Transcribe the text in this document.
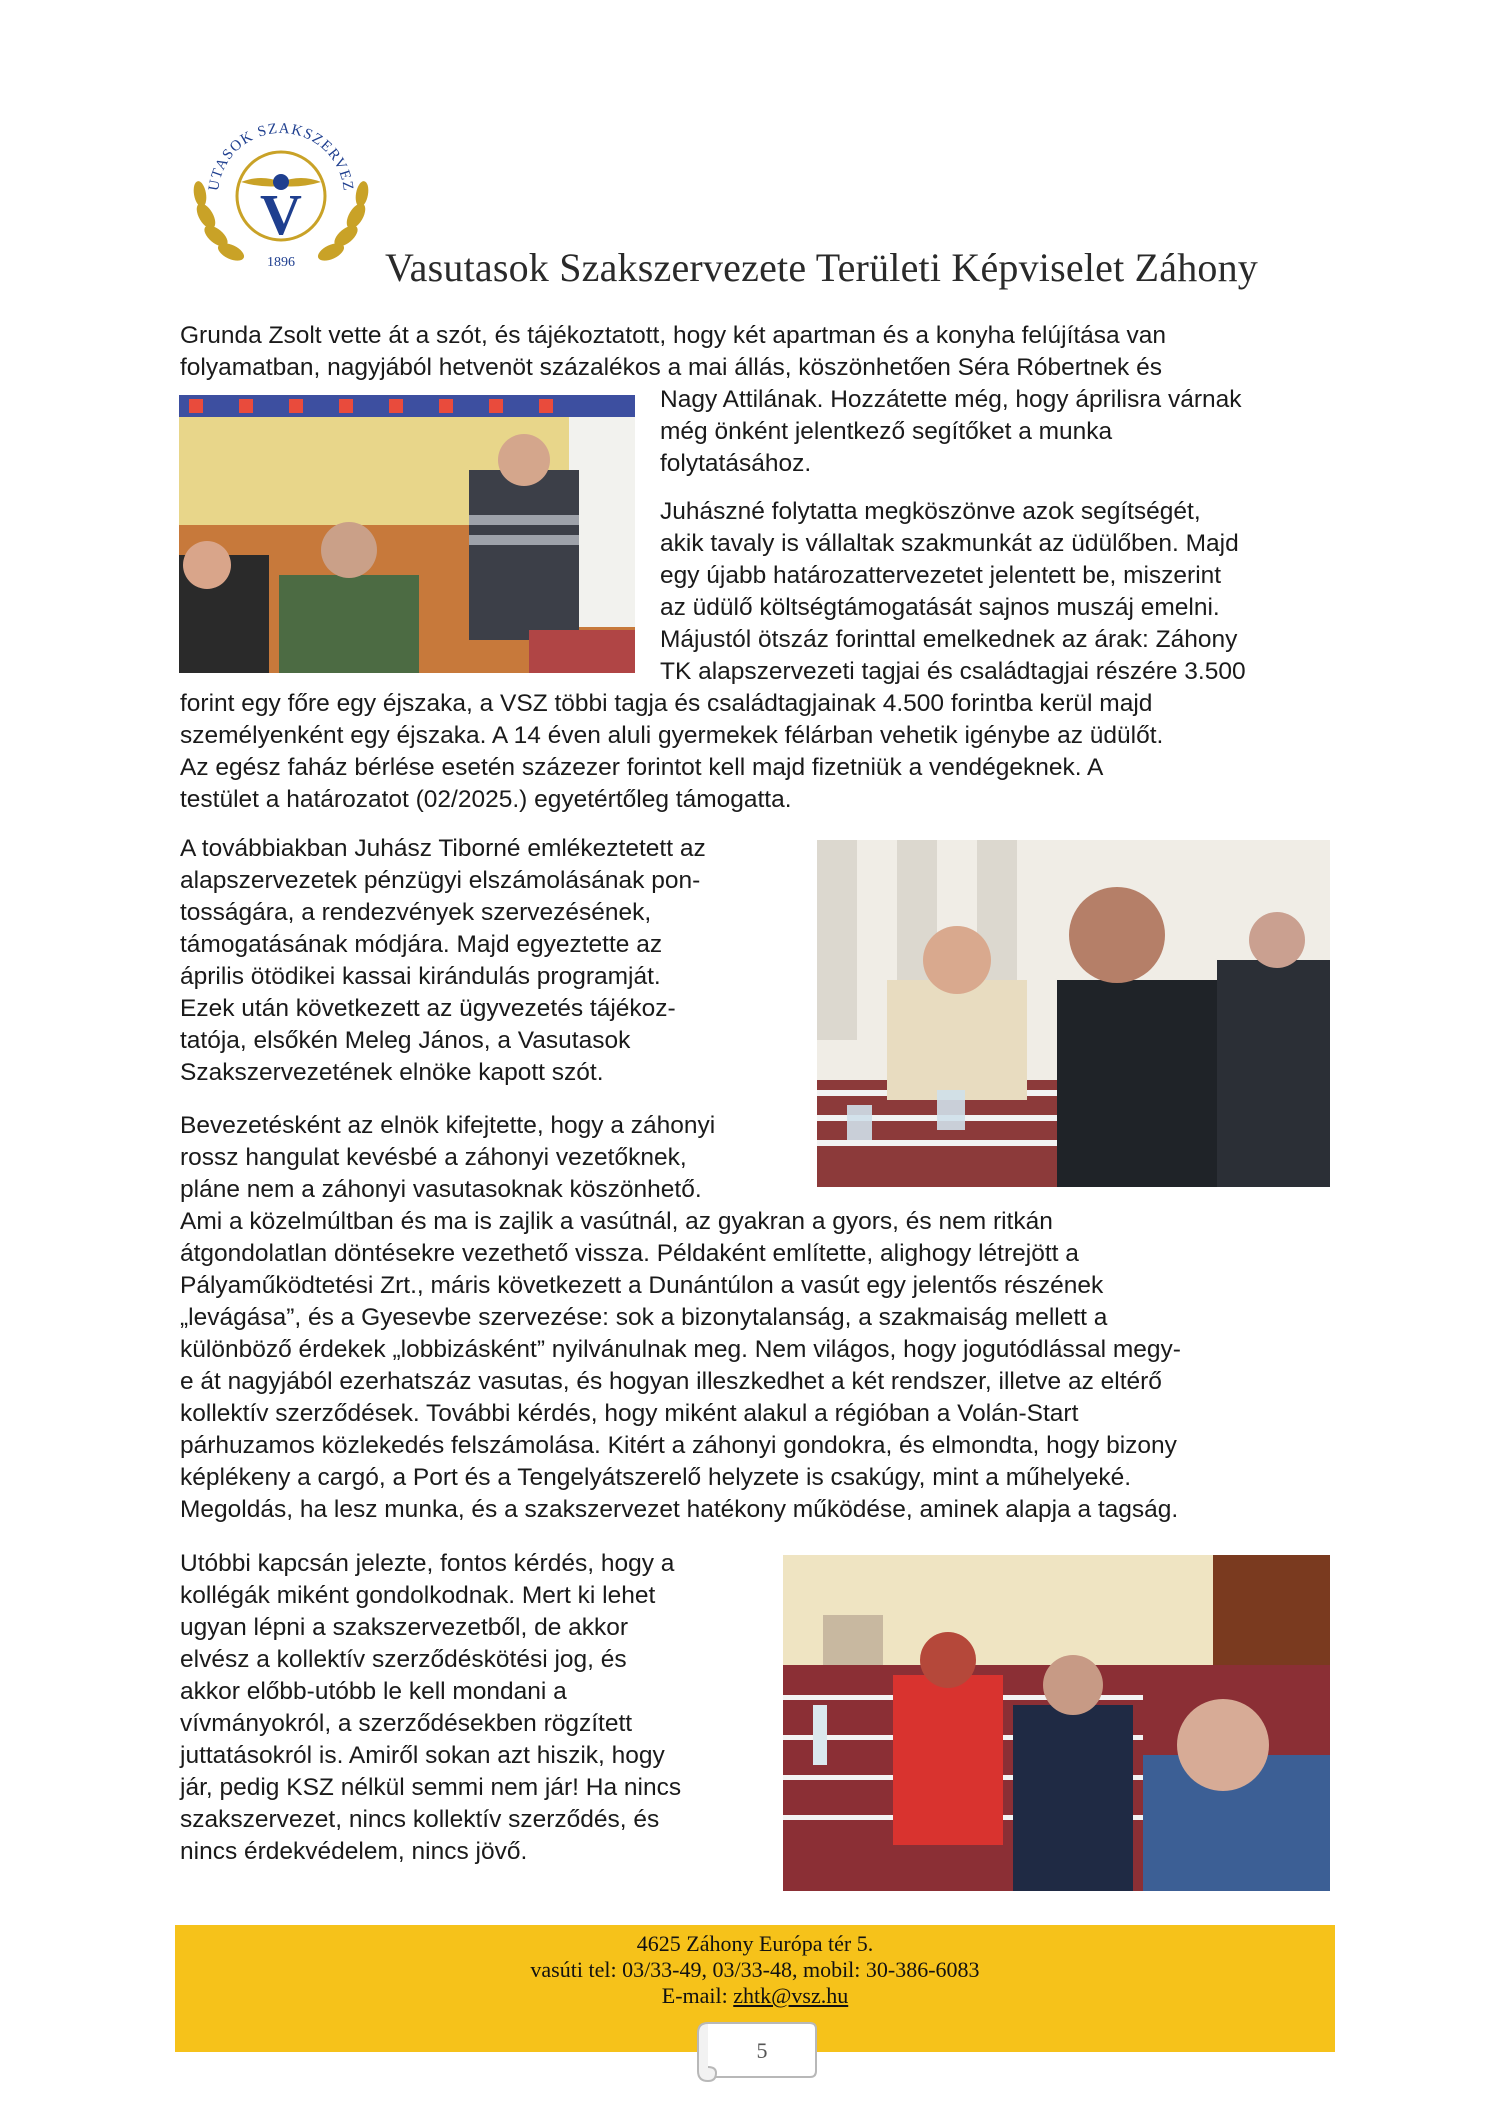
UTASOK SZAKSZERVEZ
V
1896 Vasutasok Szakszervezete Területi Képviselet Záhony
Grunda Zsolt vette át a szót, és tájékoztatott, hogy két apartman és a konyha felújítása van
folyamatban, nagyjából hetvenöt százalékos a mai állás, köszönhetően Séra Róbertnek és
Nagy Attilának. Hozzátette még, hogy áprilisra várnak
még önként jelentkező segítőket a munka
folytatásához.
Juhászné folytatta megköszönve azok segítségét,
akik tavaly is vállaltak szakmunkát az üdülőben. Majd
egy újabb határozattervezetet jelentett be, miszerint
az üdülő költségtámogatását sajnos muszáj emelni.
Májustól ötszáz forinttal emelkednek az árak: Záhony
TK alapszervezeti tagjai és családtagjai részére 3.500
forint egy főre egy éjszaka, a VSZ többi tagja és családtagjainak 4.500 forintba kerül majd
személyenként egy éjszaka. A 14 éven aluli gyermekek félárban vehetik igénybe az üdülőt.
Az egész faház bérlése esetén százezer forintot kell majd fizetniük a vendégeknek. A
testület a határozatot (02/2025.) egyetértőleg támogatta.
A továbbiakban Juhász Tiborné emlékeztetett az
alapszervezetek pénzügyi elszámolásának pon-
tosságára, a rendezvények szervezésének,
támogatásának módjára. Majd egyeztette az
április ötödikei kassai kirándulás programját.
Ezek után következett az ügyvezetés tájékoz-
tatója, elsőkén Meleg János, a Vasutasok
Szakszervezetének elnöke kapott szót.
Bevezetésként az elnök kifejtette, hogy a záhonyi
rossz hangulat kevésbé a záhonyi vezetőknek,
pláne nem a záhonyi vasutasoknak köszönhető.
Ami a közelmúltban és ma is zajlik a vasútnál, az gyakran a gyors, és nem ritkán
átgondolatlan döntésekre vezethető vissza. Példaként említette, alighogy létrejött a
Pályaműködtetési Zrt., máris következett a Dunántúlon a vasút egy jelentős részének
„levágása”, és a Gyesevbe szervezése: sok a bizonytalanság, a szakmaiság mellett a
különböző érdekek „lobbizásként” nyilvánulnak meg. Nem világos, hogy jogutódlással megy-
e át nagyjából ezerhatszáz vasutas, és hogyan illeszkedhet a két rendszer, illetve az eltérő
kollektív szerződések. További kérdés, hogy miként alakul a régióban a Volán-Start
párhuzamos közlekedés felszámolása. Kitért a záhonyi gondokra, és elmondta, hogy bizony
képlékeny a cargó, a Port és a Tengelyátszerelő helyzete is csakúgy, mint a műhelyeké.
Megoldás, ha lesz munka, és a szakszervezet hatékony működése, aminek alapja a tagság.
Utóbbi kapcsán jelezte, fontos kérdés, hogy a
kollégák miként gondolkodnak. Mert ki lehet
ugyan lépni a szakszervezetből, de akkor
elvész a kollektív szerződéskötési jog, és
akkor előbb-utóbb le kell mondani a
vívmányokról, a szerződésekben rögzített
juttatásokról is. Amiről sokan azt hiszik, hogy
jár, pedig KSZ nélkül semmi nem jár! Ha nincs
szakszervezet, nincs kollektív szerződés, és
nincs érdekvédelem, nincs jövő.
4625 Záhony Európa tér 5.
vasúti tel: 03/33-49, 03/33-48, mobil: 30-386-6083
E-mail: zhtk@vsz.hu
5
